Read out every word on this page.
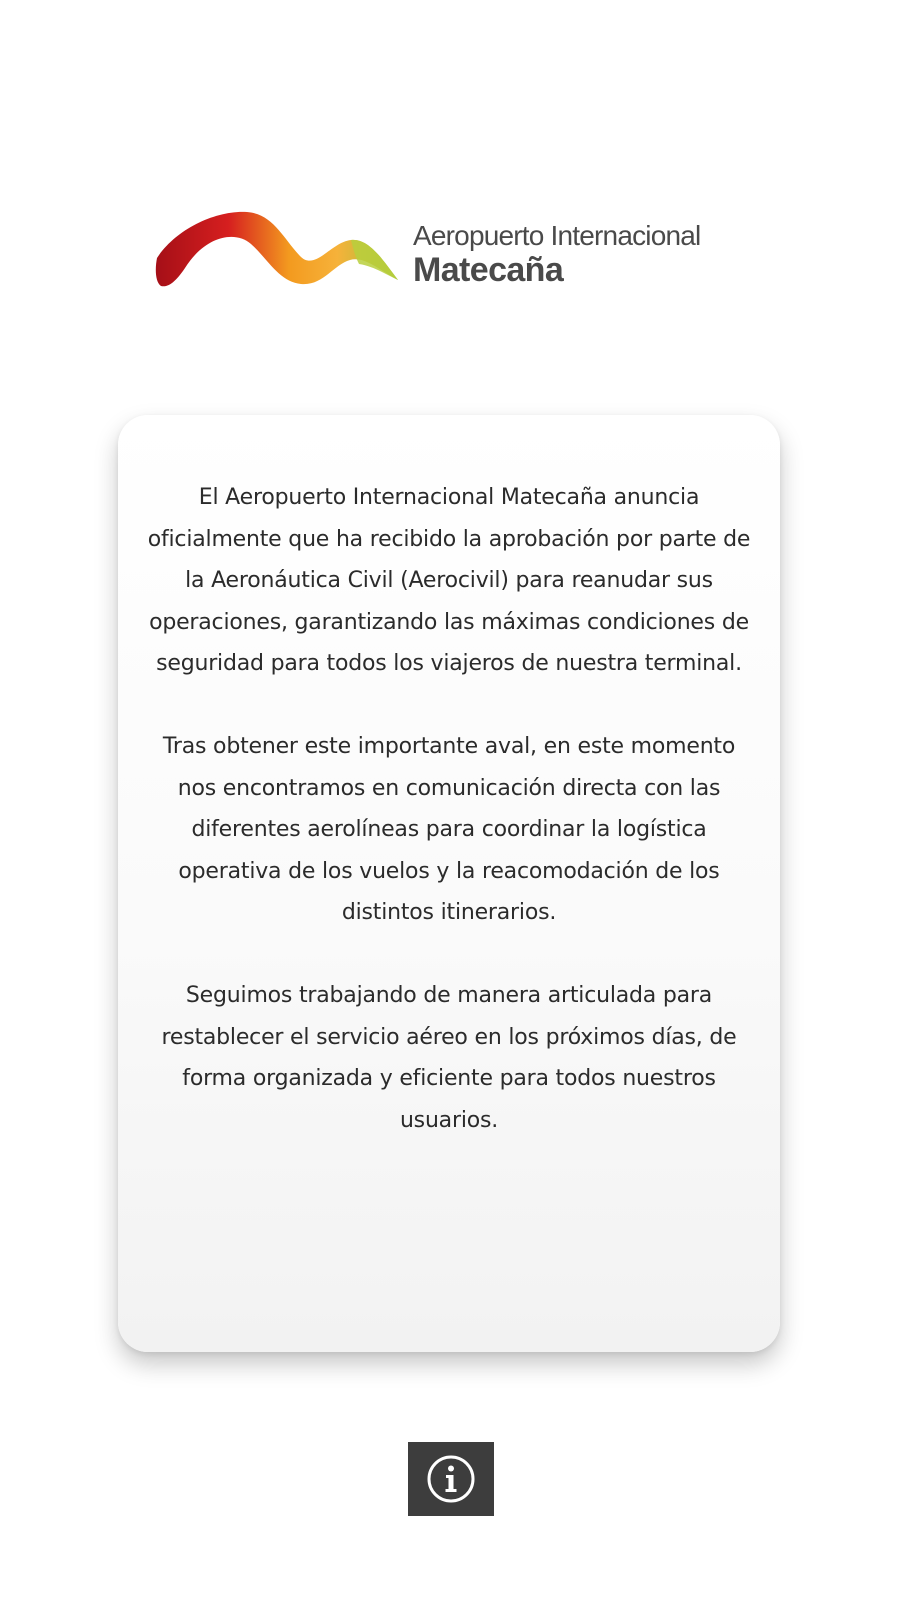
Aeropuerto Internacional
Matecaña

El Aeropuerto Internacional Matecaña anuncia oficialmente que ha recibido la aprobación por parte de la Aeronáutica Civil (Aerocivil) para reanudar sus operaciones, garantizando las máximas condiciones de seguridad para todos los viajeros de nuestra terminal.

Tras obtener este importante aval, en este momento nos encontramos en comunicación directa con las diferentes aerolíneas para coordinar la logística operativa de los vuelos y la reacomodación de los distintos itinerarios.

Seguimos trabajando de manera articulada para restablecer el servicio aéreo en los próximos días, de forma organizada y eficiente para todos nuestros usuarios.
